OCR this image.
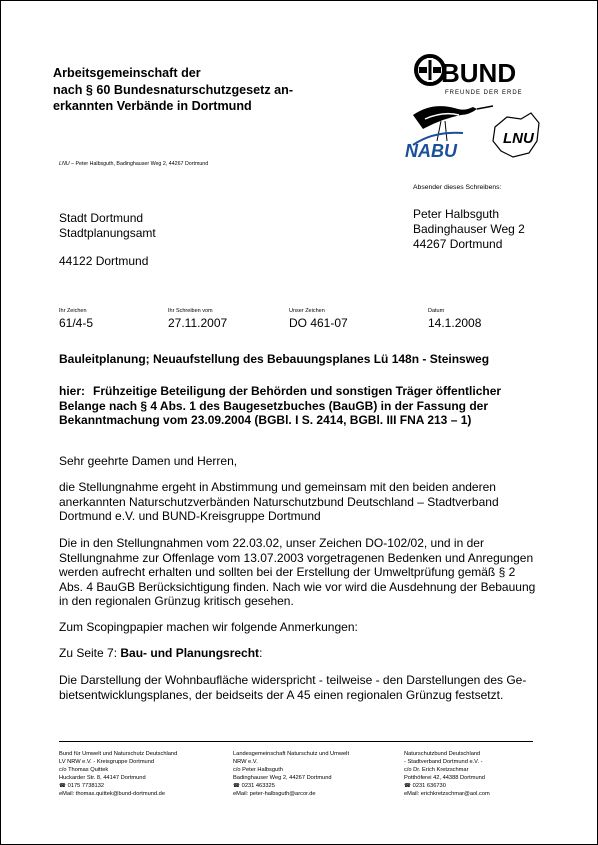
Arbeitsgemeinschaft der
nach § 60 Bundesnaturschutzgesetz an-
erkannten Verbände in Dortmund
BUND
FREUNDE DER ERDE
NABU
LNU
LNU – Peter Halbsguth, Badinghauser Weg 2, 44267 Dortmund
Absender dieses Schreibens:
Stadt Dortmund
Stadtplanungsamt
44122 Dortmund
Peter Halbsguth
Badinghauser Weg 2
44267 Dortmund
Ihr Zeichen
61/4-5
Ihr Schreiben vom
27.11.2007
Unser Zeichen
DO 461-07
Datum
14.1.2008
Bauleitplanung; Neuaufstellung des Bebauungsplanes Lü 148n - Steinsweg
hier: Frühzeitige Beteiligung der Behörden und sonstigen Träger öffentlicher
Belange nach § 4 Abs. 1 des Baugesetzbuches (BauGB) in der Fassung der
Bekanntmachung vom 23.09.2004 (BGBl. I S. 2414, BGBl. III FNA 213 – 1)
Sehr geehrte Damen und Herren,
die Stellungnahme ergeht in Abstimmung und gemeinsam mit den beiden anderen
anerkannten Naturschutzverbänden Naturschutzbund Deutschland – Stadtverband
Dortmund e.V. und BUND-Kreisgruppe Dortmund
Die in den Stellungnahmen vom 22.03.02, unser Zeichen DO-102/02, und in der
Stellungnahme zur Offenlage vom 13.07.2003 vorgetragenen Bedenken und Anregungen
werden aufrecht erhalten und sollten bei der Erstellung der Umweltprüfung gemäß § 2
Abs. 4 BauGB Berücksichtigung finden. Nach wie vor wird die Ausdehnung der Bebauung
in den regionalen Grünzug kritisch gesehen.
Zum Scopingpapier machen wir folgende Anmerkungen:
Zu Seite 7: Bau- und Planungsrecht:
Die Darstellung der Wohnbaufläche widerspricht - teilweise - den Darstellungen des Ge-
bietsentwicklungsplanes, der beidseits der A 45 einen regionalen Grünzug festsetzt.
Bund für Umwelt und Naturschutz Deutschland
LV NRW e.V. - Kreisgruppe Dortmund
c/o Thomas Quittek
Huckarder Str. 8, 44147 Dortmund
☎ 0175 7738132
eMail: thomas.quittek@bund-dortmund.de
Landesgemeinschaft Naturschutz und Umwelt
NRW e.V.
c/o Peter Halbsguth
Badinghauser Weg 2, 44267 Dortmund
☎ 0231 463325
eMail: peter-halbsguth@arcor.de
Naturschutzbund Deutschland
- Stadtverband Dortmund e.V. -
c/o Dr. Erich Kretzschmar
Potthöferei 42, 44388 Dortmund
☎ 0231 636730
eMail: erichkretzschmar@aol.com
